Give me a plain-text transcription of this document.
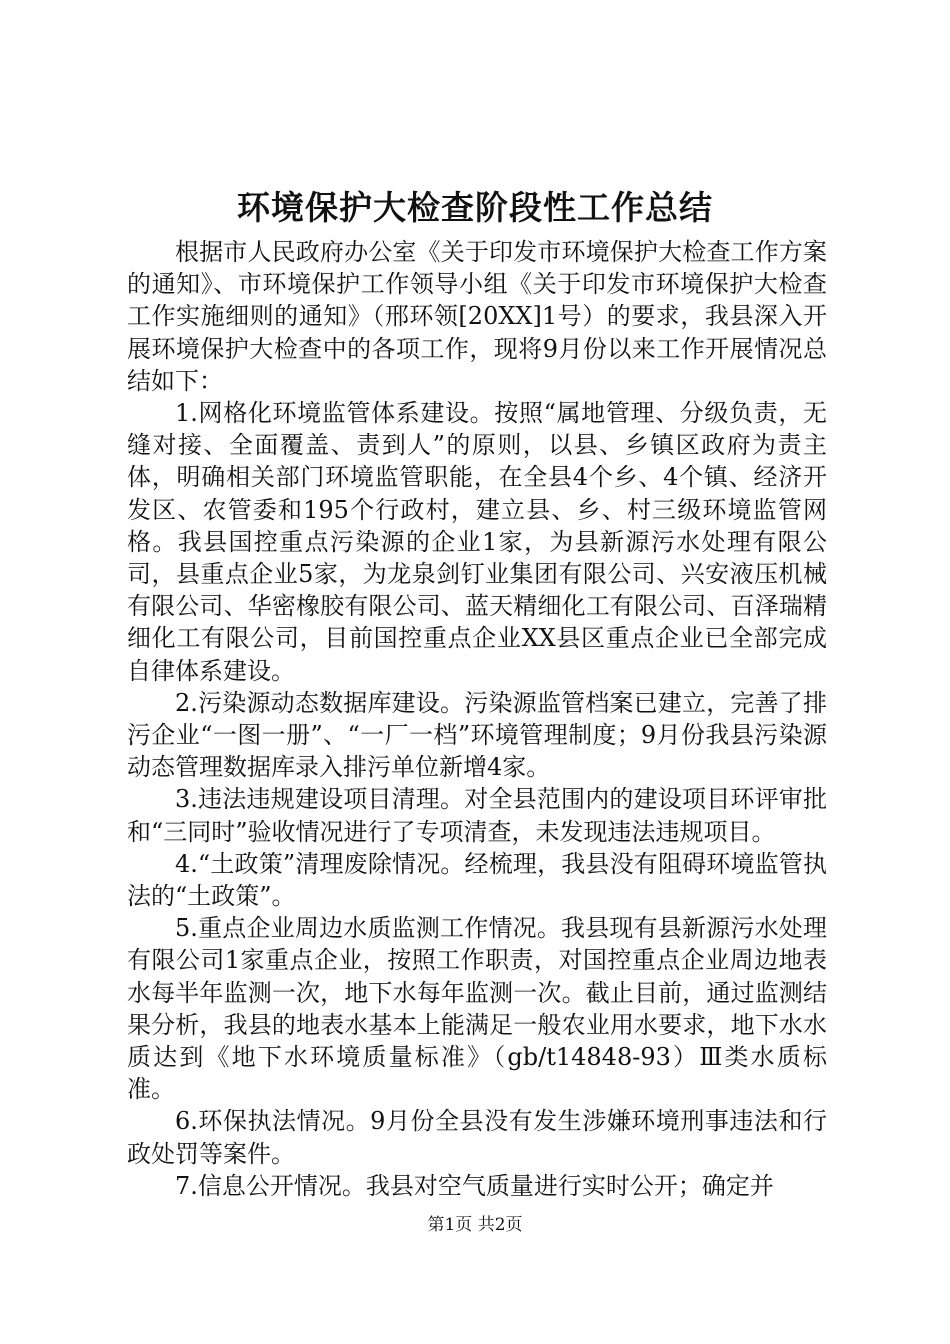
环境保护大检查阶段性工作总结

根据市人民政府办公室《关于印发市环境保护大检查工作方案的通知》、市环境保护工作领导小组《关于印发市环境保护大检查工作实施细则的通知》（邢环领[20XX]1号）的要求，我县深入开展环境保护大检查中的各项工作，现将9月份以来工作开展情况总结如下：

1.网格化环境监管体系建设。按照“属地管理、分级负责，无缝对接、全面覆盖、责到人”的原则，以县、乡镇区政府为责主体，明确相关部门环境监管职能，在全县4个乡、4个镇、经济开发区、农管委和195个行政村，建立县、乡、村三级环境监管网格。我县国控重点污染源的企业1家，为县新源污水处理有限公司，县重点企业5家，为龙泉剑钉业集团有限公司、兴安液压机械有限公司、华密橡胶有限公司、蓝天精细化工有限公司、百泽瑞精细化工有限公司，目前国控重点企业XX县区重点企业已全部完成自律体系建设。

2.污染源动态数据库建设。污染源监管档案已建立，完善了排污企业“一图一册”、“一厂一档”环境管理制度；9月份我县污染源动态管理数据库录入排污单位新增4家。

3.违法违规建设项目清理。对全县范围内的建设项目环评审批和“三同时”验收情况进行了专项清查，未发现违法违规项目。

4.“土政策”清理废除情况。经梳理，我县没有阻碍环境监管执法的“土政策”。

5.重点企业周边水质监测工作情况。我县现有县新源污水处理有限公司1家重点企业，按照工作职责，对国控重点企业周边地表水每半年监测一次，地下水每年监测一次。截止目前，通过监测结果分析，我县的地表水基本上能满足一般农业用水要求，地下水水质达到《地下水环境质量标准》（gb/t14848-93）Ⅲ类水质标准。

6.环保执法情况。9月份全县没有发生涉嫌环境刑事违法和行政处罚等案件。

7.信息公开情况。我县对空气质量进行实时公开；确定并

第1页 共2页
